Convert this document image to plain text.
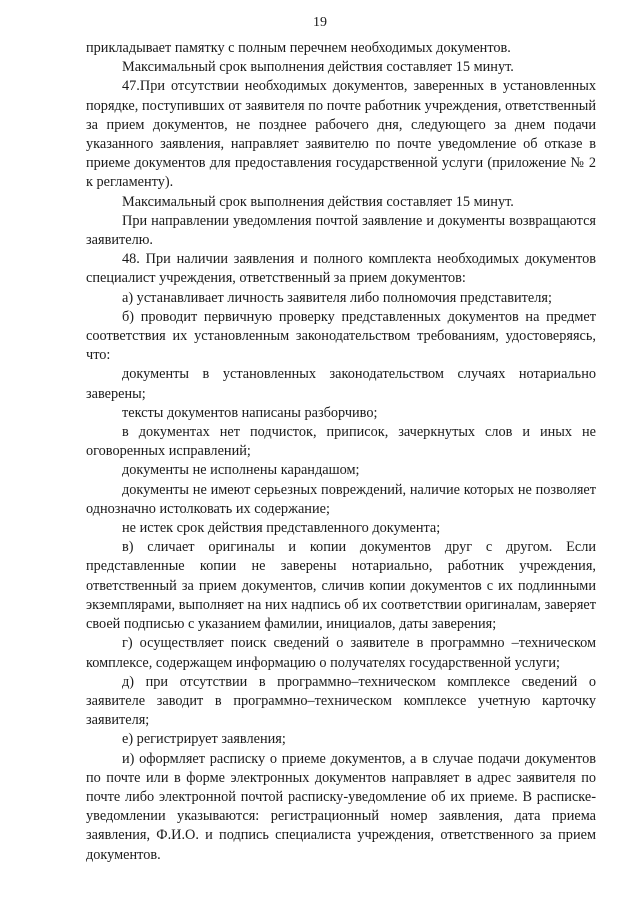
19

прикладывает памятку с полным перечнем необходимых документов.

Максимальный срок выполнения действия составляет 15 минут.

47.При отсутствии необходимых документов, заверенных в установленных порядке, поступивших от заявителя по почте работник учреждения, ответственный за прием документов, не позднее рабочего дня, следующего за днем подачи указанного заявления, направляет заявителю по почте уведомление об отказе в приеме документов для предоставления государственной услуги (приложение № 2 к регламенту).

Максимальный срок выполнения действия составляет 15 минут.

При направлении уведомления почтой заявление и документы возвращаются заявителю.

48. При наличии заявления и полного комплекта необходимых документов специалист учреждения, ответственный за прием документов:

а) устанавливает личность заявителя либо полномочия представителя;

б) проводит первичную проверку представленных документов на предмет соответствия их установленным законодательством требованиям, удостоверяясь, что:

документы в установленных законодательством случаях нотариально заверены;

тексты документов написаны разборчиво;

в документах нет подчисток, приписок, зачеркнутых слов и иных не оговоренных исправлений;

документы не исполнены карандашом;

документы не имеют серьезных повреждений, наличие которых не позволяет однозначно истолковать их содержание;

не истек срок действия представленного документа;

в) сличает оригиналы и копии документов друг с другом. Если представленные копии не заверены нотариально, работник учреждения, ответственный за прием документов, сличив копии документов с их подлинными экземплярами, выполняет на них надпись об их соответствии оригиналам, заверяет своей подписью с указанием фамилии, инициалов, даты заверения;

г) осуществляет поиск сведений о заявителе в программно –техническом комплексе, содержащем информацию о получателях государственной услуги;

д) при отсутствии в программно–техническом комплексе сведений о заявителе заводит в программно–техническом комплексе учетную карточку заявителя;

е) регистрирует заявления;

и) оформляет расписку о приеме документов, а в случае подачи документов по почте или в форме электронных документов направляет в адрес заявителя по почте либо электронной почтой расписку-уведомление об их приеме. В расписке-уведомлении указываются: регистрационный номер заявления, дата приема заявления, Ф.И.О. и подпись специалиста учреждения, ответственного за прием документов.
